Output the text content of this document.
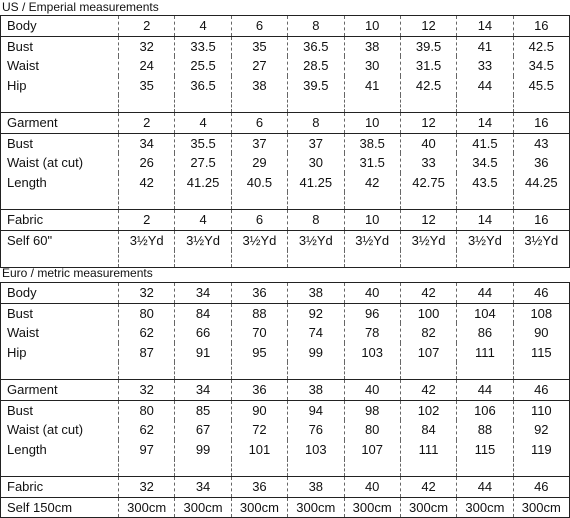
US / Emperial measurements
Body	2	4	6	8	10	12	14	16
Bust	32	33.5	35	36.5	38	39.5	41	42.5
Waist	24	25.5	27	28.5	30	31.5	33	34.5
Hip	35	36.5	38	39.5	41	42.5	44	45.5

Garment	2	4	6	8	10	12	14	16
Bust	34	35.5	37	37	38.5	40	41.5	43
Waist (at cut)	26	27.5	29	30	31.5	33	34.5	36
Length	42	41.25	40.5	41.25	42	42.75	43.5	44.25

Fabric	2	4	6	8	10	12	14	16
Self 60"	3½Yd	3½Yd	3½Yd	3½Yd	3½Yd	3½Yd	3½Yd	3½Yd

Euro / metric measurements
Body	32	34	36	38	40	42	44	46
Bust	80	84	88	92	96	100	104	108
Waist	62	66	70	74	78	82	86	90
Hip	87	91	95	99	103	107	111	115

Garment	32	34	36	38	40	42	44	46
Bust	80	85	90	94	98	102	106	110
Waist (at cut)	62	67	72	76	80	84	88	92
Length	97	99	101	103	107	111	115	119

Fabric	32	34	36	38	40	42	44	46
Self 150cm	300cm	300cm	300cm	300cm	300cm	300cm	300cm	300cm
